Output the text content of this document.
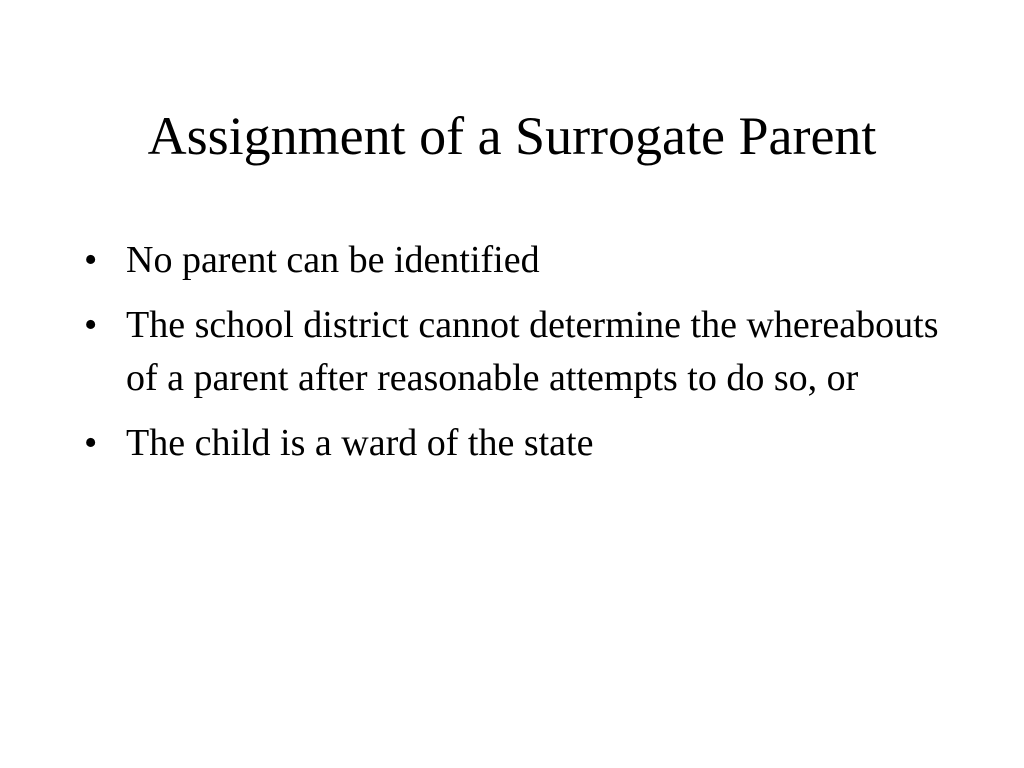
Assignment of a Surrogate Parent
• No parent can be identified
• The school district cannot determine the whereabouts of a parent after reasonable attempts to do so, or
• The child is a ward of the state
